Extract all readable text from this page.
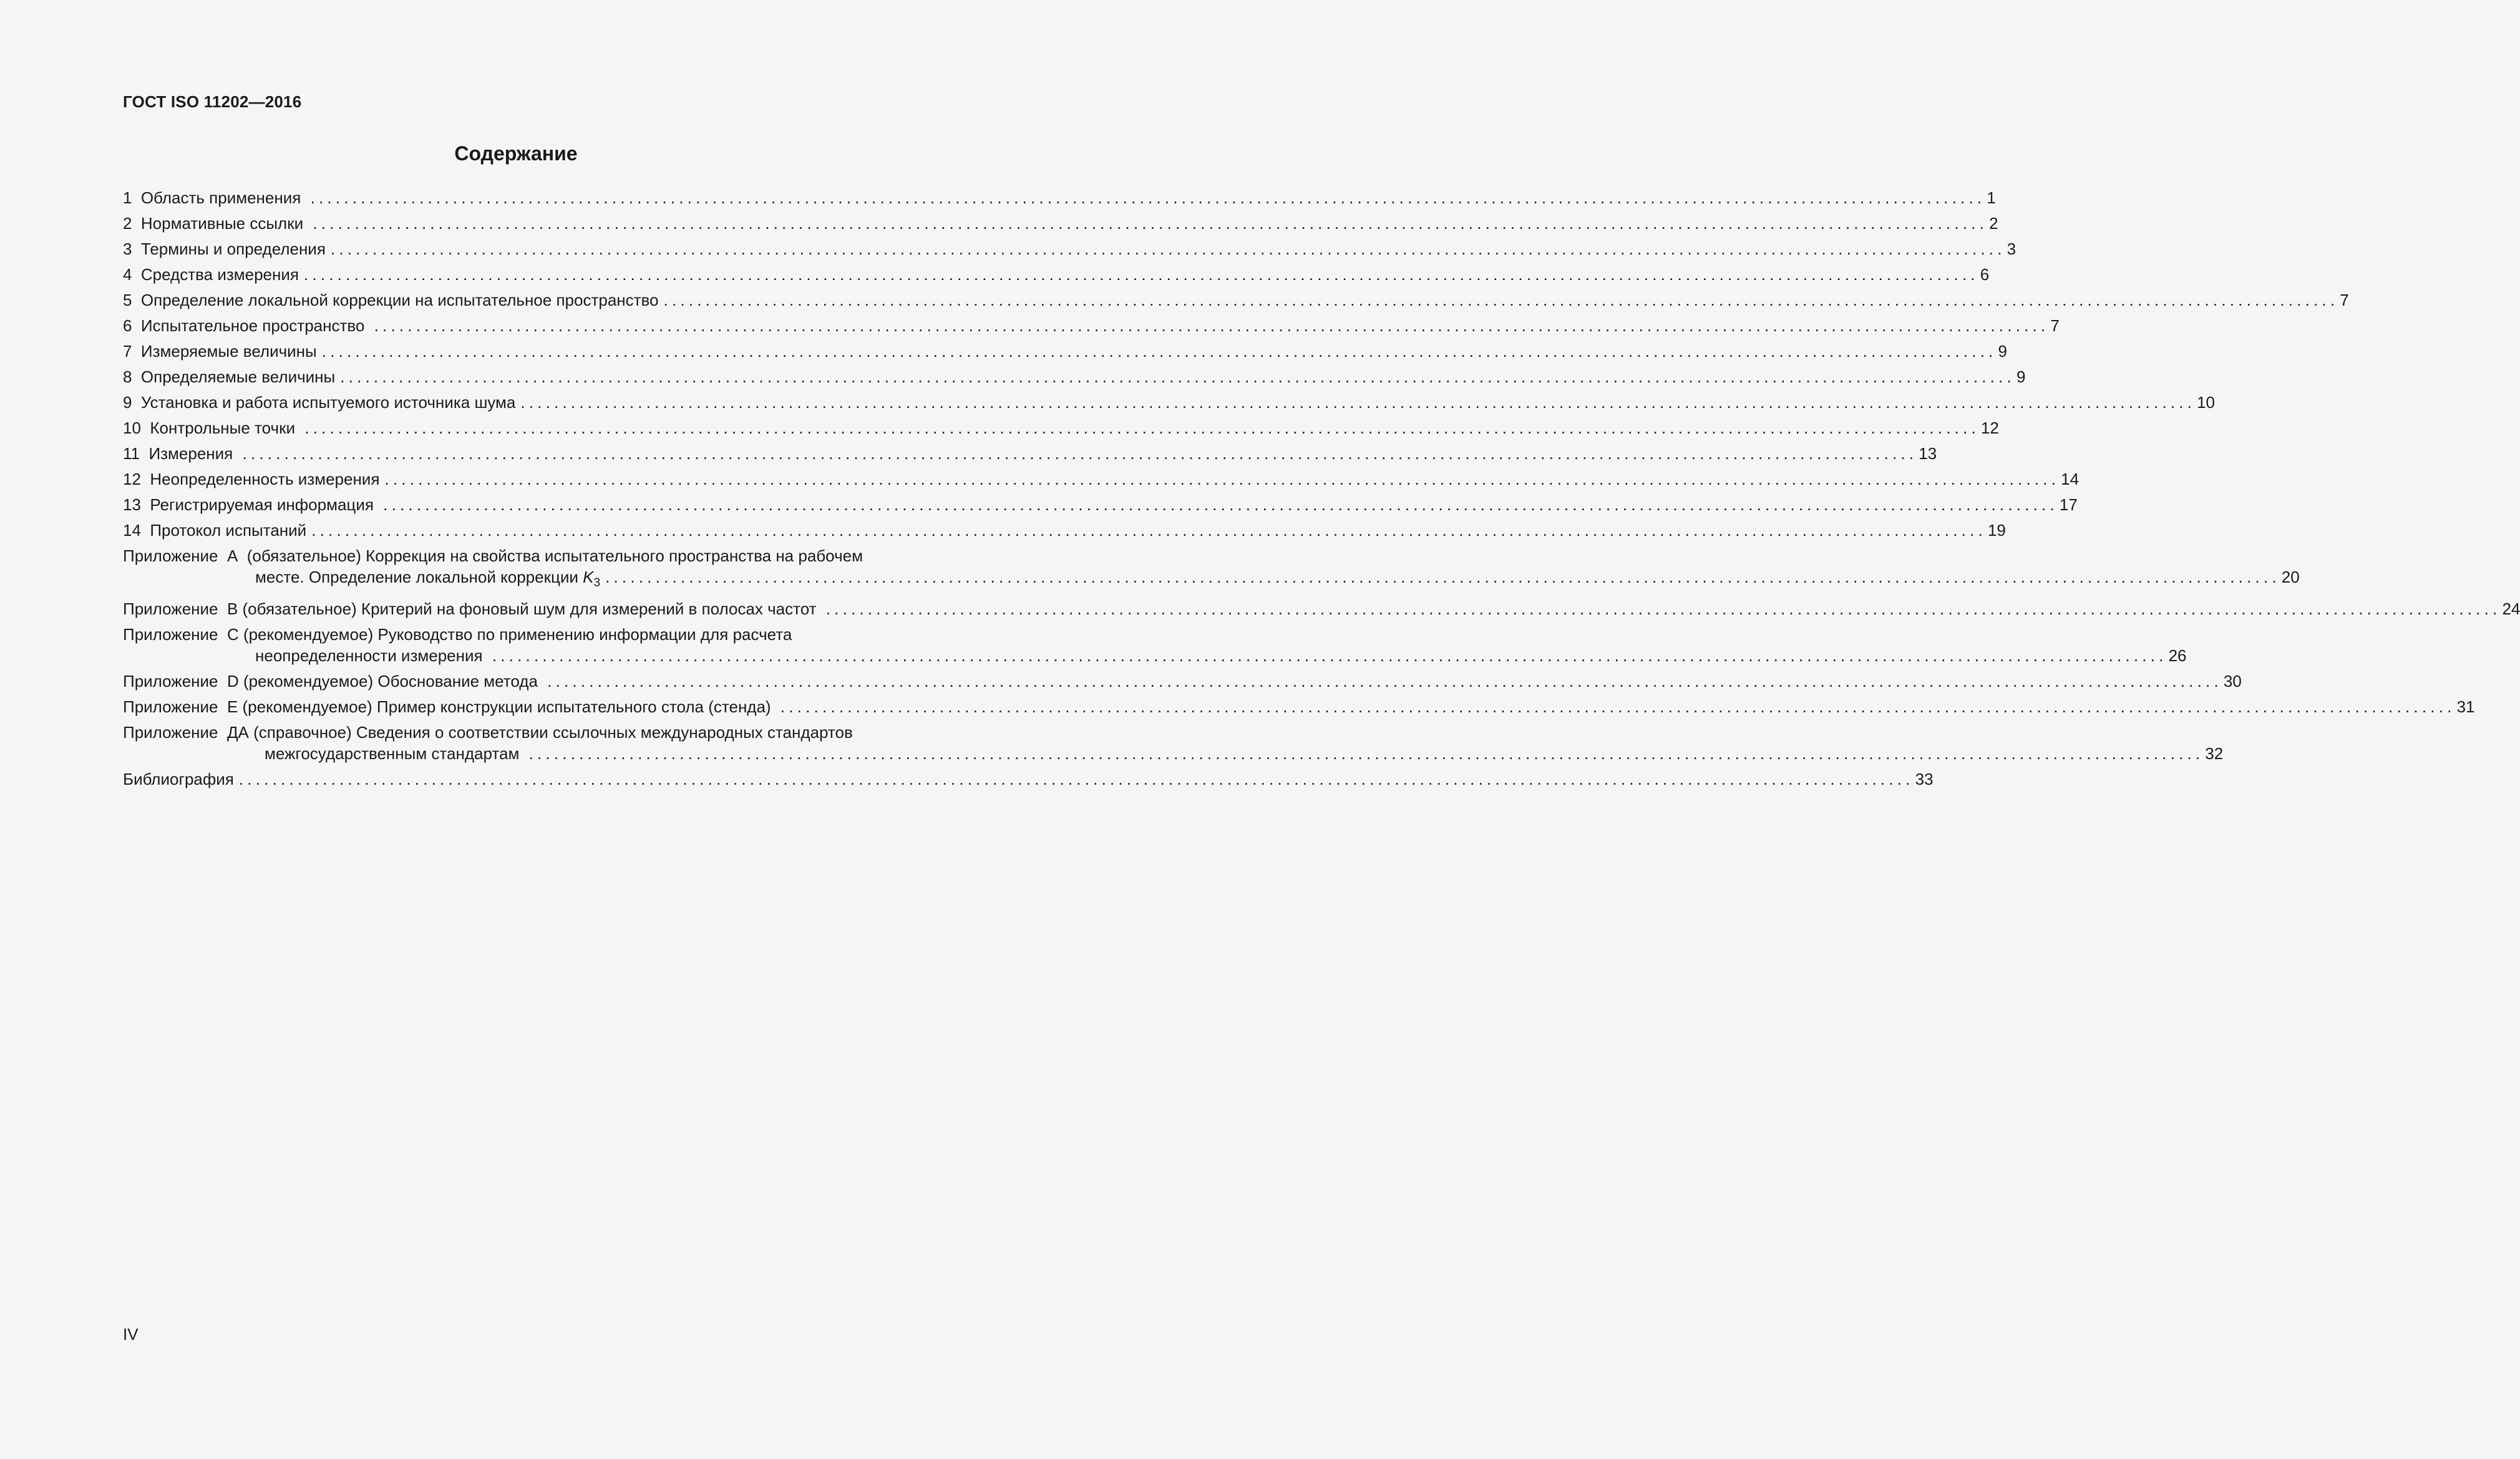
ГОСТ ISO 11202—2016
Содержание
1  Область применения ........................................................................................................................................................................................................ 1
2  Нормативные ссылки ........................................................................................................................................................................................................ 2
3  Термины и определения ........................................................................................................................................................................................................ 3
4  Средства измерения ........................................................................................................................................................................................................ 6
5  Определение локальной коррекции на испытательное пространство ........................................................................................................................................................................................................ 7
6  Испытательное пространство ........................................................................................................................................................................................................ 7
7  Измеряемые величины ........................................................................................................................................................................................................ 9
8  Определяемые величины ........................................................................................................................................................................................................ 9
9  Установка и работа испытуемого источника шума ........................................................................................................................................................................................................ 10
10  Контрольные точки ........................................................................................................................................................................................................ 12
11  Измерения ........................................................................................................................................................................................................ 13
12  Неопределенность измерения ........................................................................................................................................................................................................ 14
13  Регистрируемая информация ........................................................................................................................................................................................................ 17
14  Протокол испытаний ........................................................................................................................................................................................................ 19
Приложение  А  (обязательное) Коррекция на свойства испытательного пространства на рабочем
месте. Определение локальной коррекции $K_3$ ........................................................................................................................................................................................................ 20
Приложение  В (обязательное) Критерий на фоновый шум для измерений в полосах частот ........................................................................................................................................................................................................ 24
Приложение  С (рекомендуемое) Руководство по применению информации для расчета
неопределенности измерения ........................................................................................................................................................................................................ 26
Приложение  D (рекомендуемое) Обоснование метода ........................................................................................................................................................................................................ 30
Приложение  Е (рекомендуемое) Пример конструкции испытательного стола (стенда) ........................................................................................................................................................................................................ 31
Приложение  ДА (справочное) Сведения о соответствии ссылочных международных стандартов
межгосударственным стандартам ........................................................................................................................................................................................................ 32
Библиография ........................................................................................................................................................................................................ 33
IV
